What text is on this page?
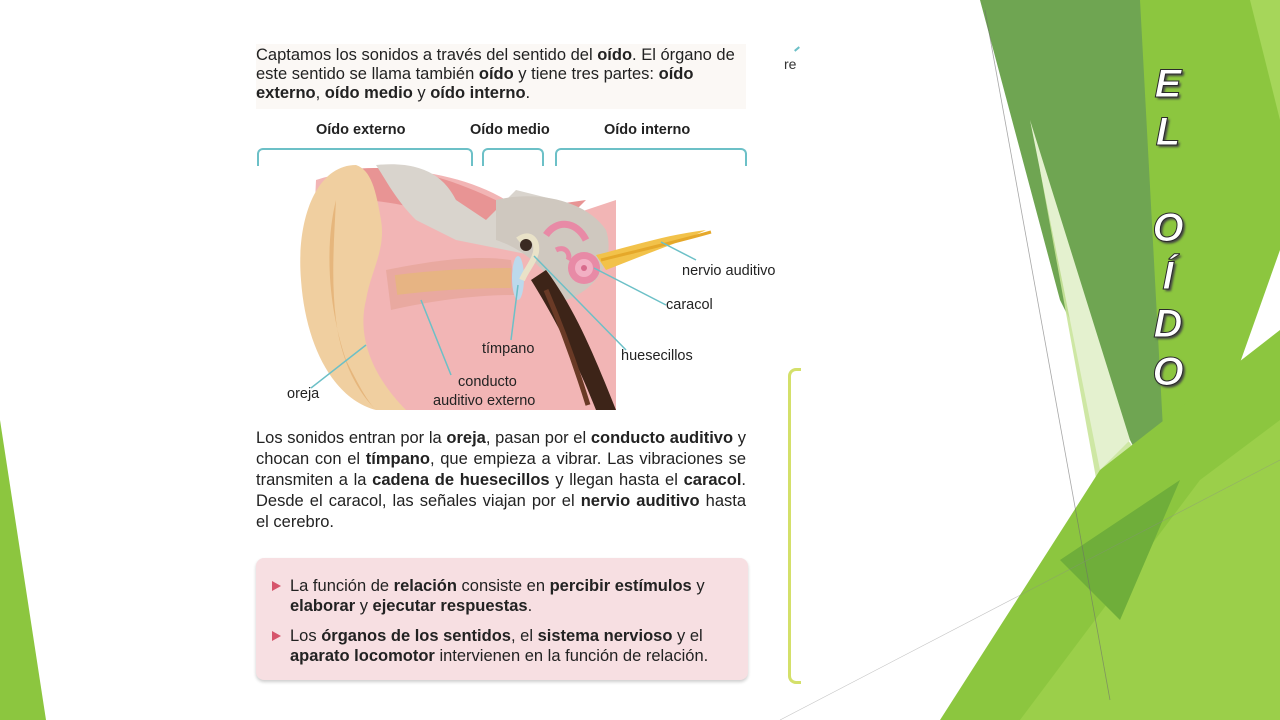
Captamos los sonidos a través del sentido del oído. El órgano de este sentido se llama también oído y tiene tres partes: oído externo, oído medio y oído interno.
Oído externo	Oído medio	Oído interno
nervio auditivo
caracol
huesecillos
tímpano
oreja
conducto
auditivo externo
Los sonidos entran por la oreja, pasan por el conducto auditivo y chocan con el tímpano, que empieza a vibrar. Las vibraciones se transmiten a la cadena de huesecillos y llegan hasta el caracol. Desde el caracol, las señales viajan por el nervio auditivo hasta el cerebro.
La función de relación consiste en percibir estímulos y elaborar y ejecutar respuestas.
Los órganos de los sentidos, el sistema nervioso y el aparato locomotor intervienen en la función de relación.
re	E
L
O
Í
D
O
